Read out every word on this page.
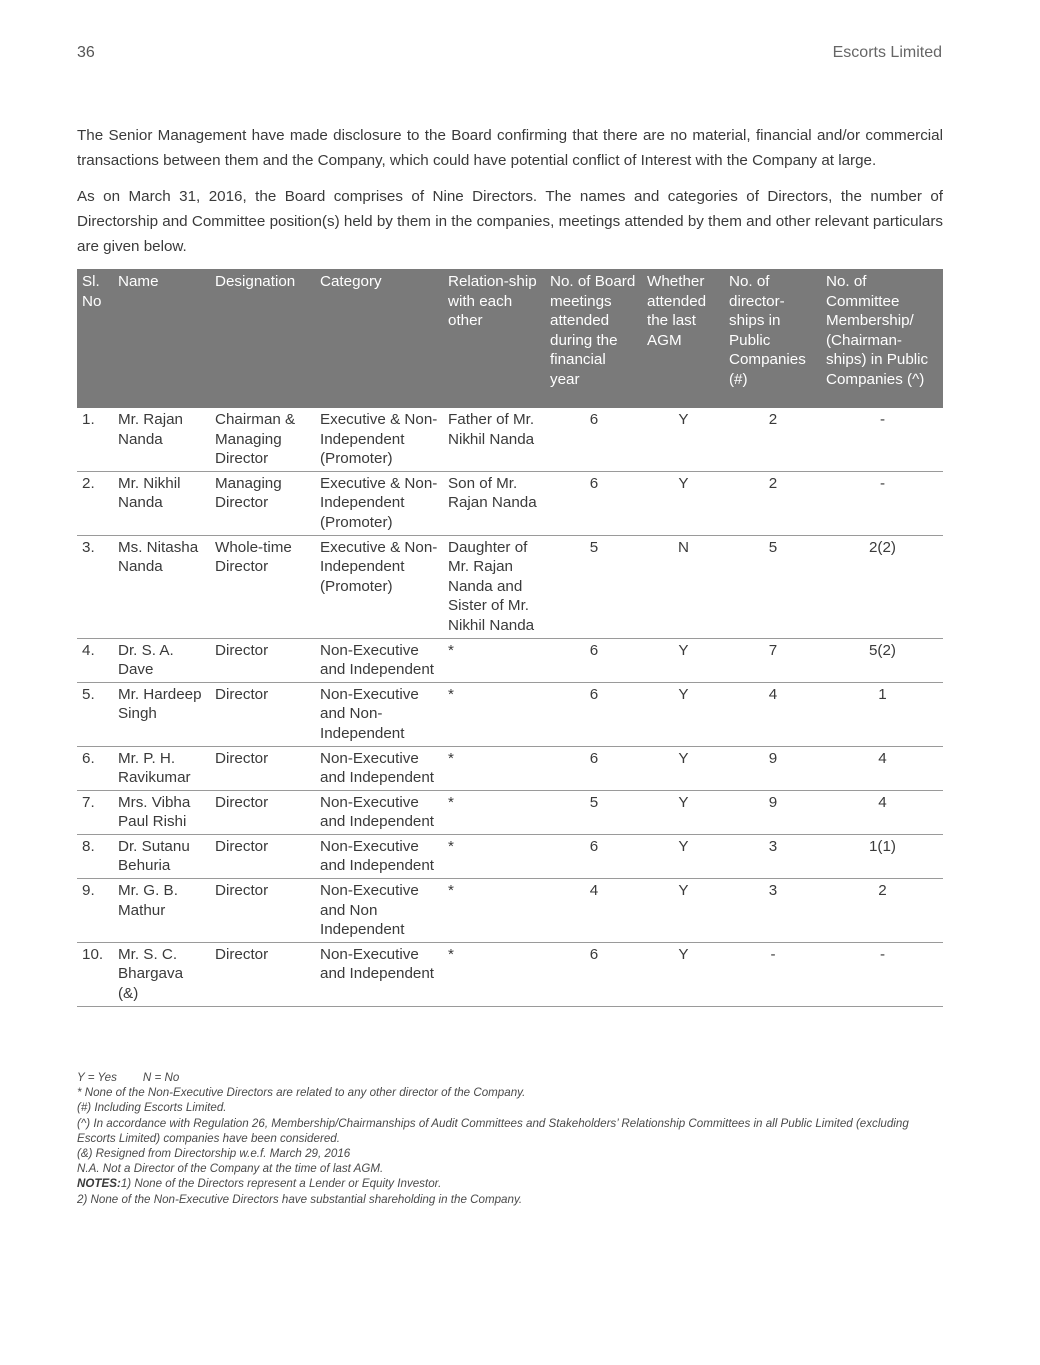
36	Escorts Limited

The Senior Management have made disclosure to the Board confirming that there are no material, financial and/or commercial transactions between them and the Company, which could have potential conflict of Interest with the Company at large.

As on March 31, 2016, the Board comprises of Nine Directors. The names and categories of Directors, the number of Directorship and Committee position(s) held by them in the companies, meetings attended by them and other relevant particulars are given below.

Sl. No	Name	Designation	Category	Relation-ship with each other	No. of Board meetings attended during the financial year	Whether attended the last AGM	No. of director-ships in Public Companies (#)	No. of Committee Membership/ (Chairman-ships) in Public Companies (^)
1.	Mr. Rajan Nanda	Chairman & Managing Director	Executive & Non-Independent (Promoter)	Father of Mr. Nikhil Nanda	6	Y	2	-
2.	Mr. Nikhil Nanda	Managing Director	Executive & Non-Independent (Promoter)	Son of Mr. Rajan Nanda	6	Y	2	-
3.	Ms. Nitasha Nanda	Whole-time Director	Executive & Non-Independent (Promoter)	Daughter of Mr. Rajan Nanda and Sister of Mr. Nikhil Nanda	5	N	5	2(2)
4.	Dr. S. A. Dave	Director	Non-Executive and Independent	*	6	Y	7	5(2)
5.	Mr. Hardeep Singh	Director	Non-Executive and Non-Independent	*	6	Y	4	1
6.	Mr. P. H. Ravikumar	Director	Non-Executive and Independent	*	6	Y	9	4
7.	Mrs. Vibha Paul Rishi	Director	Non-Executive and Independent	*	5	Y	9	4
8.	Dr. Sutanu Behuria	Director	Non-Executive and Independent	*	6	Y	3	1(1)
9.	Mr. G. B. Mathur	Director	Non-Executive and Non Independent	*	4	Y	3	2
10.	Mr. S. C. Bhargava (&)	Director	Non-Executive and Independent	*	6	Y	-	-
Y = Yes N = No
* None of the Non-Executive Directors are related to any other director of the Company.
(#) Including Escorts Limited.
(^) In accordance with Regulation 26, Membership/Chairmanships of Audit Committees and Stakeholders’ Relationship Committees in all Public Limited (excluding Escorts Limited) companies have been considered.
(&) Resigned from Directorship w.e.f. March 29, 2016
N.A. Not a Director of the Company at the time of last AGM.
NOTES:1) None of the Directors represent a Lender or Equity Investor.
2) None of the Non-Executive Directors have substantial shareholding in the Company.
